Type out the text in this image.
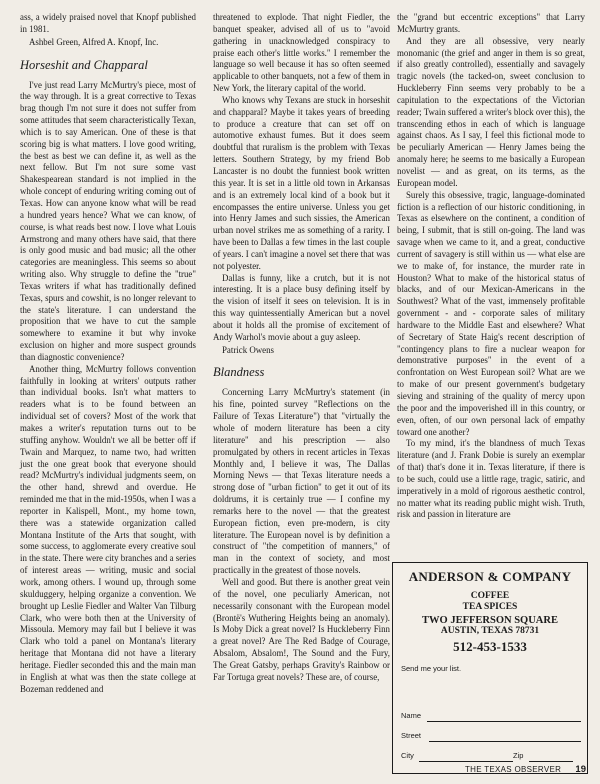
ass, a widely praised novel that Knopf published in 1981.

Ashbel Green, Alfred A. Knopf, Inc.

Horseshit and Chapparal

I've just read Larry McMurtry's piece, most of the way through. It is a great corrective to Texas brag though I'm not sure it does not suffer from some attitudes that seem characteristically Texan, which is to say American. One of these is that scoring big is what matters. I love good writing, the best as best we can define it, as well as the next fellow. But I'm not sure some vast Shakespearean standard is not implied in the whole concept of enduring writing coming out of Texas. How can anyone know what will be read a hundred years hence? What we can know, of course, is what reads best now. I love what Louis Armstrong and many others have said, that there is only good music and bad music; all the other categories are meaningless. This seems so about writing also. Why struggle to define the "true" Texas writers if what has traditionally defined Texas, spurs and cowshit, is no longer relevant to the state's literature. I can understand the proposition that we have to cut the sample somewhere to examine it but why invoke exclusion on higher and more suspect grounds than diagnostic convenience?

Another thing, McMurtry follows convention faithfully in looking at writers' outputs rather than individual books. Isn't what matters to readers what is to be found between an individual set of covers? Most of the work that makes a writer's reputation turns out to be stuffing anyhow. Wouldn't we all be better off if Twain and Marquez, to name two, had written just the one great book that everyone should read? McMurtry's individual judgments seem, on the other hand, shrewd and overdue. He reminded me that in the mid-1950s, when I was a reporter in Kalispell, Mont., my home town, there was a statewide organization called Montana Institute of the Arts that sought, with some success, to agglomerate every creative soul in the state. There were city branches and a series of interest areas — writing, music and social work, among others. I wound up, through some skulduggery, helping organize a convention. We brought up Leslie Fiedler and Walter Van Tilburg Clark, who were both then at the University of Missoula. Memory may fail but I believe it was Clark who told a panel on Montana's literary heritage that Montana did not have a literary heritage. Fiedler seconded this and the main man in English at what was then the state college at Bozeman reddened and

threatened to explode. That night Fiedler, the banquet speaker, advised all of us to "avoid gathering in unacknowledged conspiracy to praise each other's little works." I remember the language so well because it has so often seemed applicable to other banquets, not a few of them in New York, the literary capital of the world.

Who knows why Texans are stuck in horseshit and chapparal? Maybe it takes years of breeding to produce a creature that can set off on automotive exhaust fumes. But it does seem doubtful that ruralism is the problem with Texas letters. Southern Strategy, by my friend Bob Lancaster is no doubt the funniest book written this year. It is set in a little old town in Arkansas and is an extremely local kind of a book but it encompasses the entire universe. Unless you get into Henry James and such sissies, the American urban novel strikes me as something of a rarity. I have been to Dallas a few times in the last couple of years. I can't imagine a novel set there that was not polyester.

Dallas is funny, like a crutch, but it is not interesting. It is a place busy defining itself by the vision of itself it sees on television. It is in this way quintessentially American but a novel about it holds all the promise of excitement of Andy Warhol's movie about a guy asleep.

Patrick Owens

Blandness

Concerning Larry McMurtry's statement (in his fine, pointed survey "Reflections on the Failure of Texas Literature") that "virtually the whole of modern literature has been a city literature" and his prescription — also promulgated by others in recent articles in Texas Monthly and, I believe it was, The Dallas Morning News — that Texas literature needs a strong dose of "urban fiction" to get it out of its doldrums, it is certainly true — I confine my remarks here to the novel — that the greatest European fiction, even pre-modern, is city literature. The European novel is by definition a construct of "the competition of manners," of man in the context of society, and most practically in the greatest of those novels.

Well and good. But there is another great vein of the novel, one peculiarly American, not necessarily consonant with the European model (Brontë's Wuthering Heights being an anomaly). Is Moby Dick a great novel? Is Huckleberry Finn a great novel? Are The Red Badge of Courage, Absalom, Absalom!, The Sound and the Fury, The Great Gatsby, perhaps Gravity's Rainbow or Far Tortuga great novels? These are, of course,

the "grand but eccentric exceptions" that Larry McMurtry grants.

And they are all obsessive, very nearly monomanic (the grief and anger in them is so great, if also greatly controlled), essentially and savagely tragic novels (the tacked-on, sweet conclusion to Huckleberry Finn seems very probably to be a capitulation to the expectations of the Victorian reader; Twain suffered a writer's block over this), the transcending ethos in each of which is language against chaos. As I say, I feel this fictional mode to be peculiarly American — Henry James being the anomaly here; he seems to me basically a European novelist — and as great, on its terms, as the European model.

Surely this obsessive, tragic, language-dominated fiction is a reflection of our historic conditioning, in Texas as elsewhere on the continent, a condition of being, I submit, that is still on-going. The land was savage when we came to it, and a great, conductive current of savagery is still within us — what else are we to make of, for instance, the murder rate in Houston? What to make of the historical status of blacks, and of our Mexican-Americans in the Southwest? What of the vast, immensely profitable government - and - corporate sales of military hardware to the Middle East and elsewhere? What of Secretary of State Haig's recent description of "contingency plans to fire a nuclear weapon for demonstrative purposes" in the event of a confrontation on West European soil? What are we to make of our present government's budgetary sieving and straining of the quality of mercy upon the poor and the impoverished ill in this country, or even, often, of our own personal lack of empathy toward one another?

To my mind, it's the blandness of much Texas literature (and J. Frank Dobie is surely an exemplar of that) that's done it in. Texas literature, if there is to be such, could use a little rage, tragic, satiric, and imperatively in a mold of rigorous aesthetic control, no matter what its reading public might wish. Truth, risk and passion in literature are

ANDERSON & COMPANY
COFFEE
TEA SPICES
TWO JEFFERSON SQUARE
AUSTIN, TEXAS 78731
512-453-1533
Send me your list.
Name
Street
City	Zip
THE TEXAS OBSERVER 19
